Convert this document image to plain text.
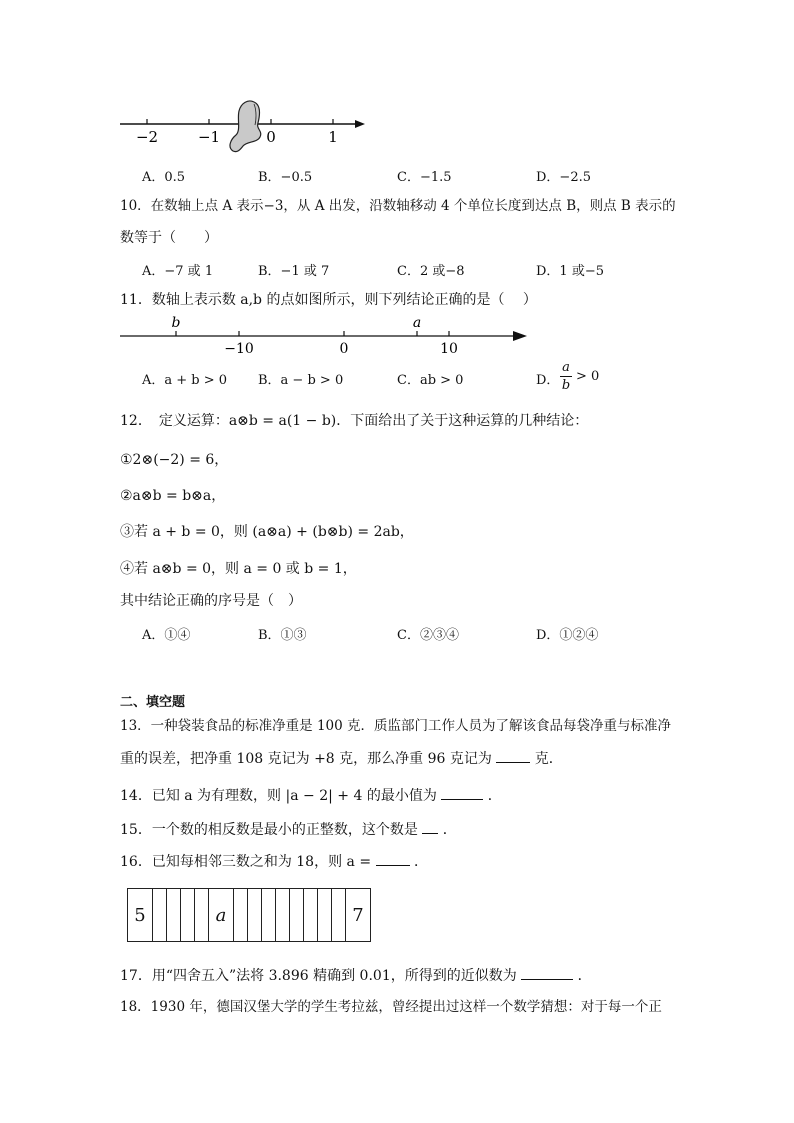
−2	−1	0	1
A．0.5	B．−0.5	C．−1.5	D．−2.5
10．在数轴上点 A 表示−3，从 A 出发，沿数轴移动 4 个单位长度到达点 B，则点 B 表示的
数等于（　　）
A．−7 或 1	B．−1 或 7	C．2 或−8	D．1 或−5
11．数轴上表示数 a,b 的点如图所示，则下列结论正确的是（　 ）
b	a
−10	0	10
A．a + b > 0 B．a − b > 0	C．ab > 0	D．
a
b
> 0
12．　定义运算：a⊗b = a(1 − b)．下面给出了关于这种运算的几种结论：
①2⊗(−2) = 6，
②a⊗b = b⊗a，
③若 a + b = 0，则 (a⊗a) + (b⊗b) = 2ab，
④若 a⊗b = 0，则 a = 0 或 b = 1，
其中结论正确的序号是（　）
A．①④	B．①③	C．②③④	D．①②④
二、填空题
13．一种袋装食品的标准净重是 100 克．质监部门工作人员为了解该食品每袋净重与标准净
重的误差，把净重 108 克记为 +8 克，那么净重 96 克记为	克．
14．已知 a 为有理数，则 |a − 2| + 4 的最小值为	．
15．一个数的相反数是最小的正整数，这个数是 ．
16．已知每相邻三数之和为 18，则 a =	．
5					a									7
17．用“四舍五入”法将 3.896 精确到 0.01，所得到的近似数为	．
18．1930 年，德国汉堡大学的学生考拉兹，曾经提出过这样一个数学猜想：对于每一个正
